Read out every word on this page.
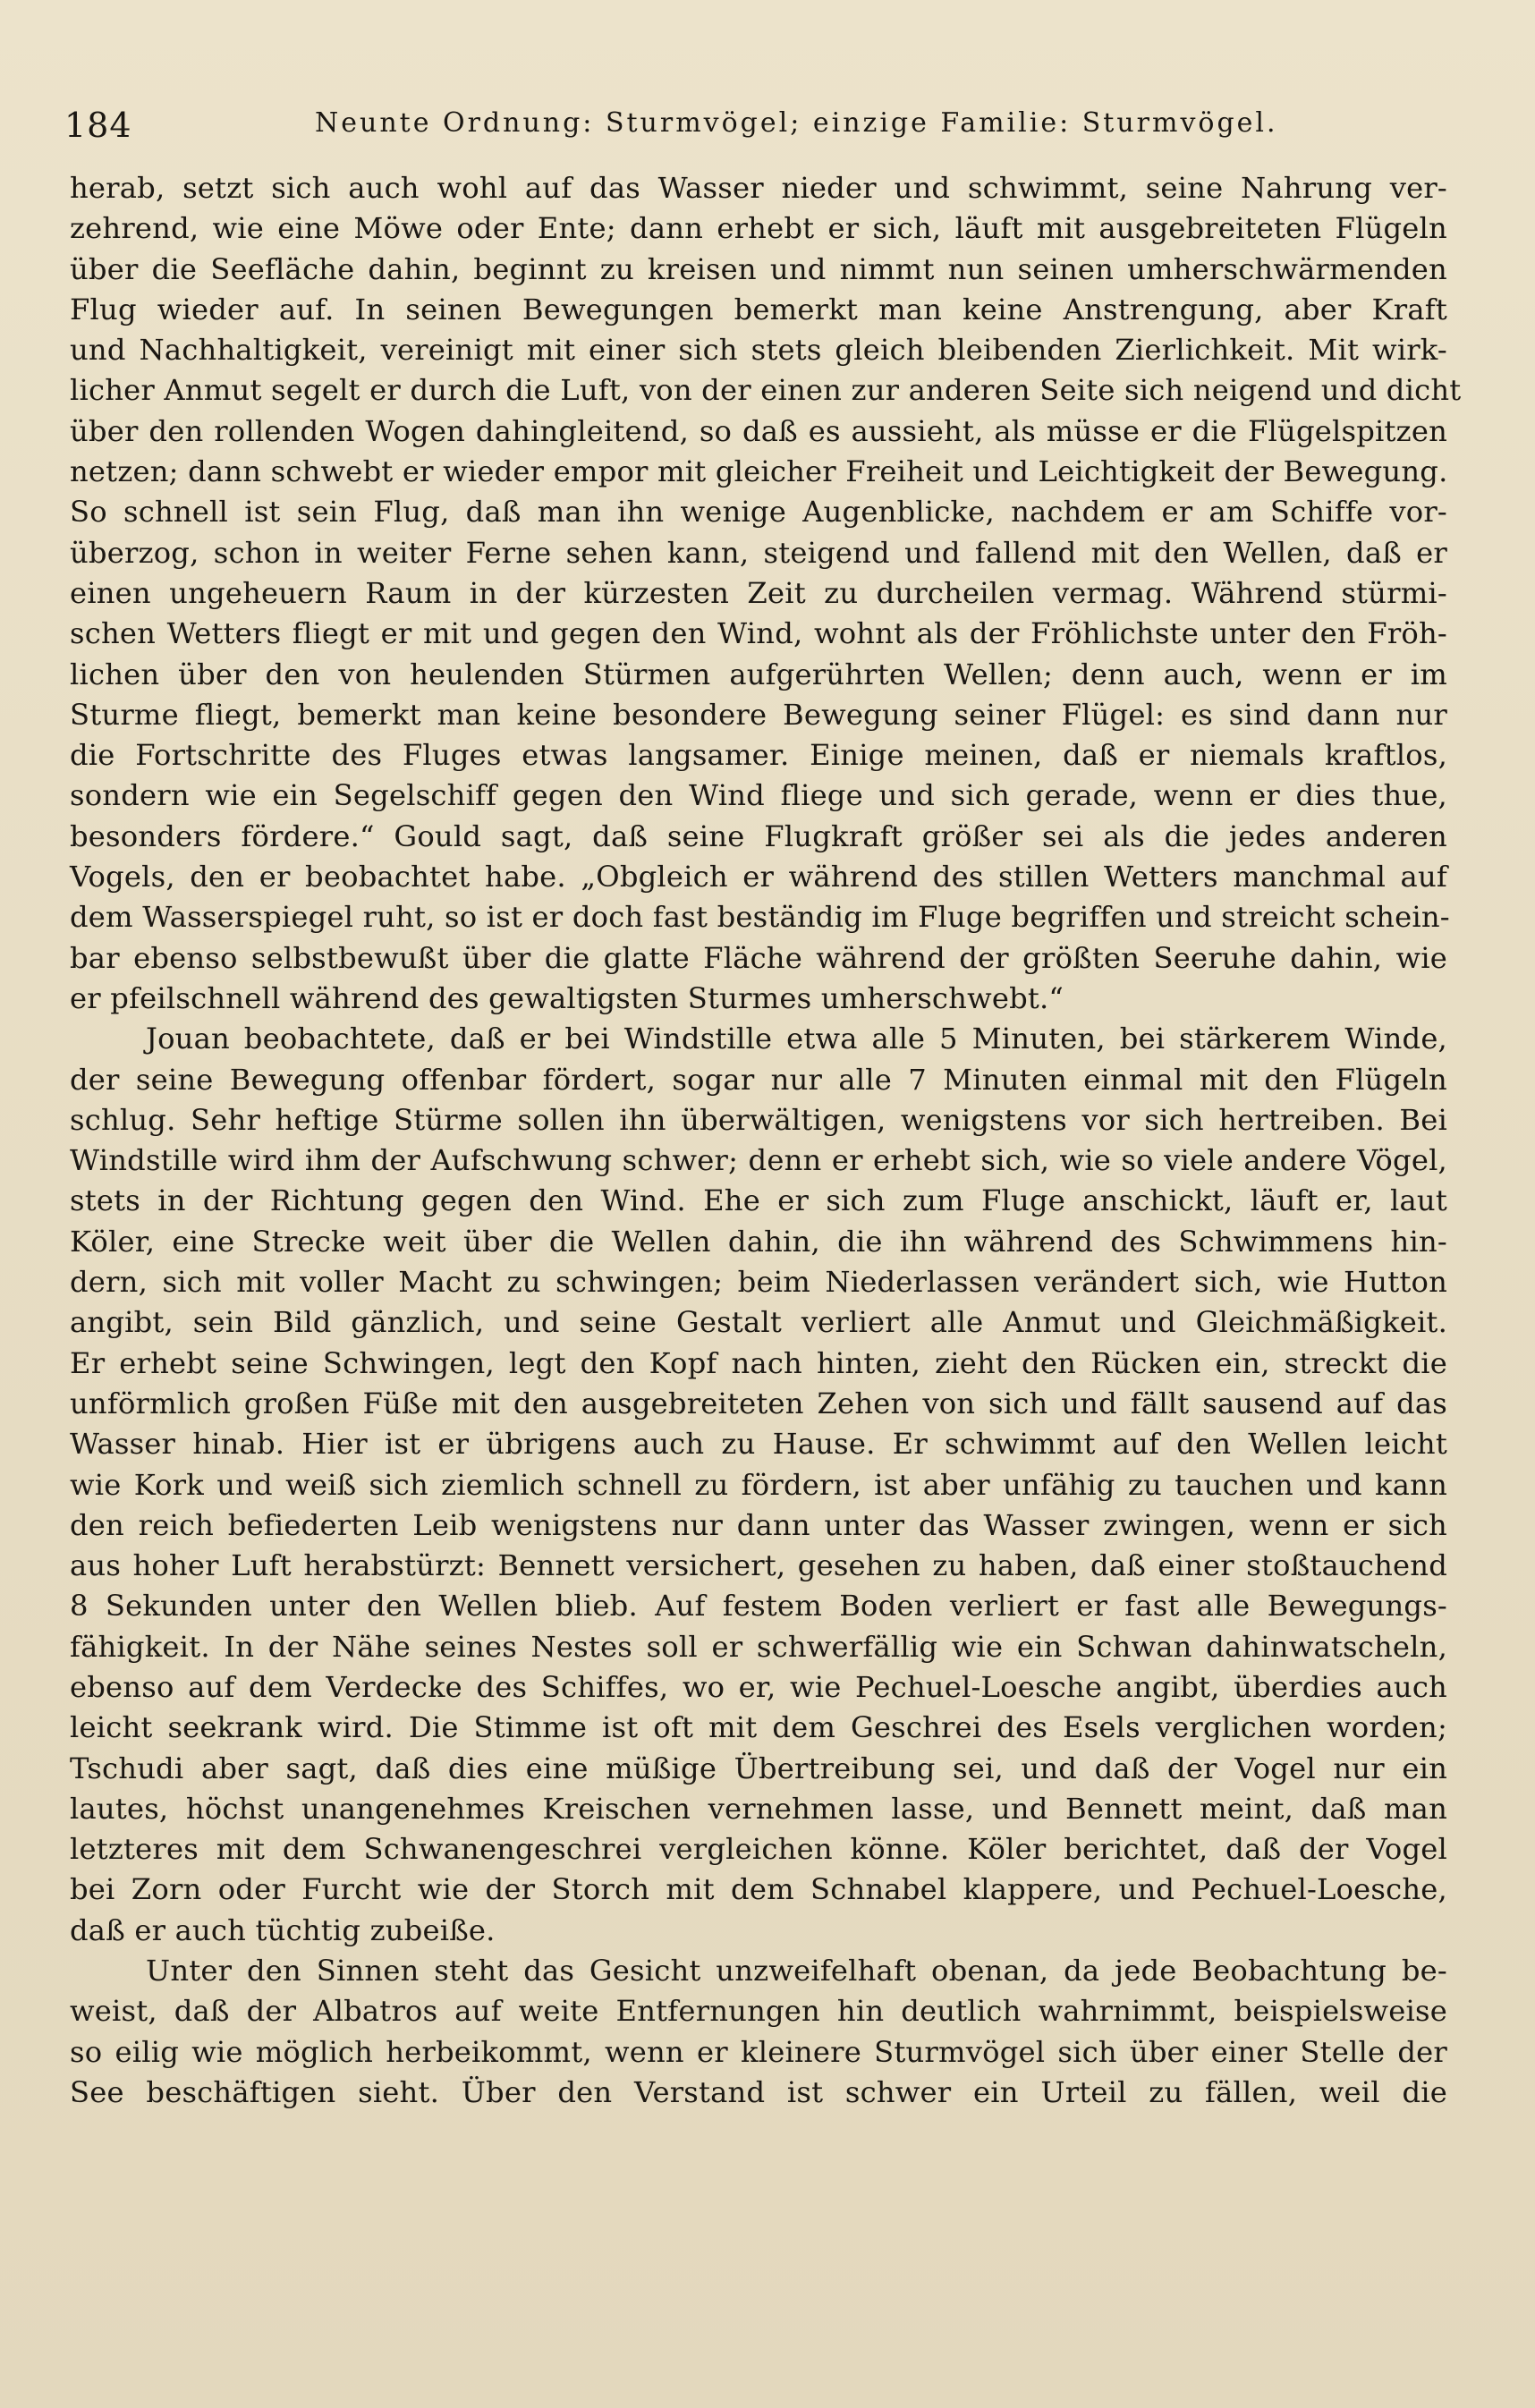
184	Neunte Ordnung: Sturmvögel; einzige Familie: Sturmvögel.
herab, setzt sich auch wohl auf das Wasser nieder und schwimmt, seine Nahrung ver-
zehrend, wie eine Möwe oder Ente; dann erhebt er sich, läuft mit ausgebreiteten Flügeln
über die Seefläche dahin, beginnt zu kreisen und nimmt nun seinen umherschwärmenden
Flug wieder auf. In seinen Bewegungen bemerkt man keine Anstrengung, aber Kraft
und Nachhaltigkeit, vereinigt mit einer sich stets gleich bleibenden Zierlichkeit. Mit wirk-
licher Anmut segelt er durch die Luft, von der einen zur anderen Seite sich neigend und dicht
über den rollenden Wogen dahingleitend, so daß es aussieht, als müsse er die Flügelspitzen
netzen; dann schwebt er wieder empor mit gleicher Freiheit und Leichtigkeit der Bewegung.
So schnell ist sein Flug, daß man ihn wenige Augenblicke, nachdem er am Schiffe vor-
überzog, schon in weiter Ferne sehen kann, steigend und fallend mit den Wellen, daß er
einen ungeheuern Raum in der kürzesten Zeit zu durcheilen vermag. Während stürmi-
schen Wetters fliegt er mit und gegen den Wind, wohnt als der Fröhlichste unter den Fröh-
lichen über den von heulenden Stürmen aufgerührten Wellen; denn auch, wenn er im
Sturme fliegt, bemerkt man keine besondere Bewegung seiner Flügel: es sind dann nur
die Fortschritte des Fluges etwas langsamer. Einige meinen, daß er niemals kraftlos,
sondern wie ein Segelschiff gegen den Wind fliege und sich gerade, wenn er dies thue,
besonders fördere.“ Gould sagt, daß seine Flugkraft größer sei als die jedes anderen
Vogels, den er beobachtet habe. „Obgleich er während des stillen Wetters manchmal auf
dem Wasserspiegel ruht, so ist er doch fast beständig im Fluge begriffen und streicht schein-
bar ebenso selbstbewußt über die glatte Fläche während der größten Seeruhe dahin, wie
er pfeilschnell während des gewaltigsten Sturmes umherschwebt.“
Jouan beobachtete, daß er bei Windstille etwa alle 5 Minuten, bei stärkerem Winde,
der seine Bewegung offenbar fördert, sogar nur alle 7 Minuten einmal mit den Flügeln
schlug. Sehr heftige Stürme sollen ihn überwältigen, wenigstens vor sich hertreiben. Bei
Windstille wird ihm der Aufschwung schwer; denn er erhebt sich, wie so viele andere Vögel,
stets in der Richtung gegen den Wind. Ehe er sich zum Fluge anschickt, läuft er, laut
Köler, eine Strecke weit über die Wellen dahin, die ihn während des Schwimmens hin-
dern, sich mit voller Macht zu schwingen; beim Niederlassen verändert sich, wie Hutton
angibt, sein Bild gänzlich, und seine Gestalt verliert alle Anmut und Gleichmäßigkeit.
Er erhebt seine Schwingen, legt den Kopf nach hinten, zieht den Rücken ein, streckt die
unförmlich großen Füße mit den ausgebreiteten Zehen von sich und fällt sausend auf das
Wasser hinab. Hier ist er übrigens auch zu Hause. Er schwimmt auf den Wellen leicht
wie Kork und weiß sich ziemlich schnell zu fördern, ist aber unfähig zu tauchen und kann
den reich befiederten Leib wenigstens nur dann unter das Wasser zwingen, wenn er sich
aus hoher Luft herabstürzt: Bennett versichert, gesehen zu haben, daß einer stoßtauchend
8 Sekunden unter den Wellen blieb. Auf festem Boden verliert er fast alle Bewegungs-
fähigkeit. In der Nähe seines Nestes soll er schwerfällig wie ein Schwan dahinwatscheln,
ebenso auf dem Verdecke des Schiffes, wo er, wie Pechuel-Loesche angibt, überdies auch
leicht seekrank wird. Die Stimme ist oft mit dem Geschrei des Esels verglichen worden;
Tschudi aber sagt, daß dies eine müßige Übertreibung sei, und daß der Vogel nur ein
lautes, höchst unangenehmes Kreischen vernehmen lasse, und Bennett meint, daß man
letzteres mit dem Schwanengeschrei vergleichen könne. Köler berichtet, daß der Vogel
bei Zorn oder Furcht wie der Storch mit dem Schnabel klappere, und Pechuel-Loesche,
daß er auch tüchtig zubeiße.
Unter den Sinnen steht das Gesicht unzweifelhaft obenan, da jede Beobachtung be-
weist, daß der Albatros auf weite Entfernungen hin deutlich wahrnimmt, beispielsweise
so eilig wie möglich herbeikommt, wenn er kleinere Sturmvögel sich über einer Stelle der
See beschäftigen sieht. Über den Verstand ist schwer ein Urteil zu fällen, weil die
